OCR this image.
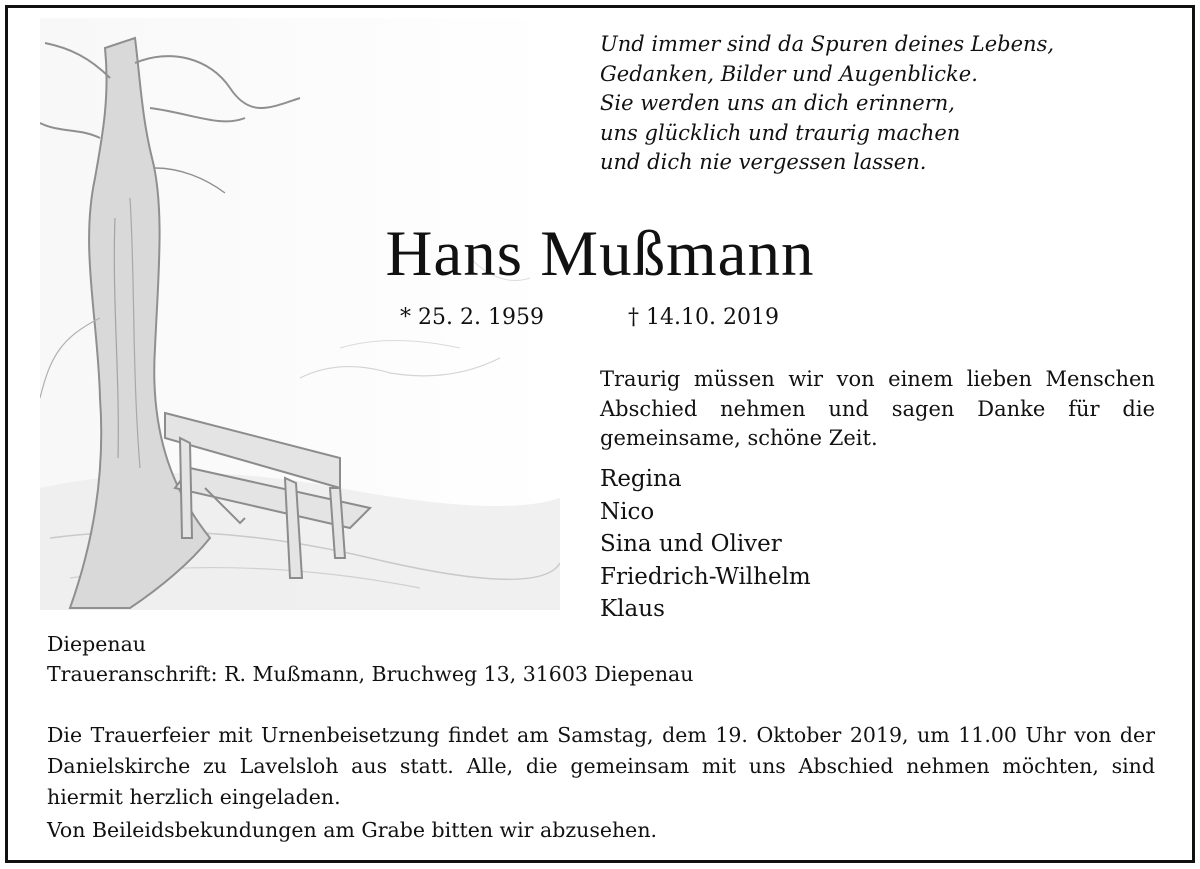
Und immer sind da Spuren deines Lebens,
Gedanken, Bilder und Augenblicke.
Sie werden uns an dich erinnern,
uns glücklich und traurig machen
und dich nie vergessen lassen.
Hans Mußmann
* 25. 2. 1959	† 14.10. 2019
Traurig müssen wir von einem lieben Menschen Abschied nehmen und sagen Danke für die gemeinsame, schöne Zeit.
Regina
Nico
Sina und Oliver
Friedrich-Wilhelm
Klaus
Diepenau
Traueranschrift: R. Mußmann, Bruchweg 13, 31603 Diepenau
Die Trauerfeier mit Urnenbeisetzung findet am Samstag, dem 19. Oktober 2019, um 11.00 Uhr von der Danielskirche zu Lavelsloh aus statt. Alle, die gemeinsam mit uns Abschied nehmen möchten, sind hiermit herzlich eingeladen.
Von Beileidsbekundungen am Grabe bitten wir abzusehen.
